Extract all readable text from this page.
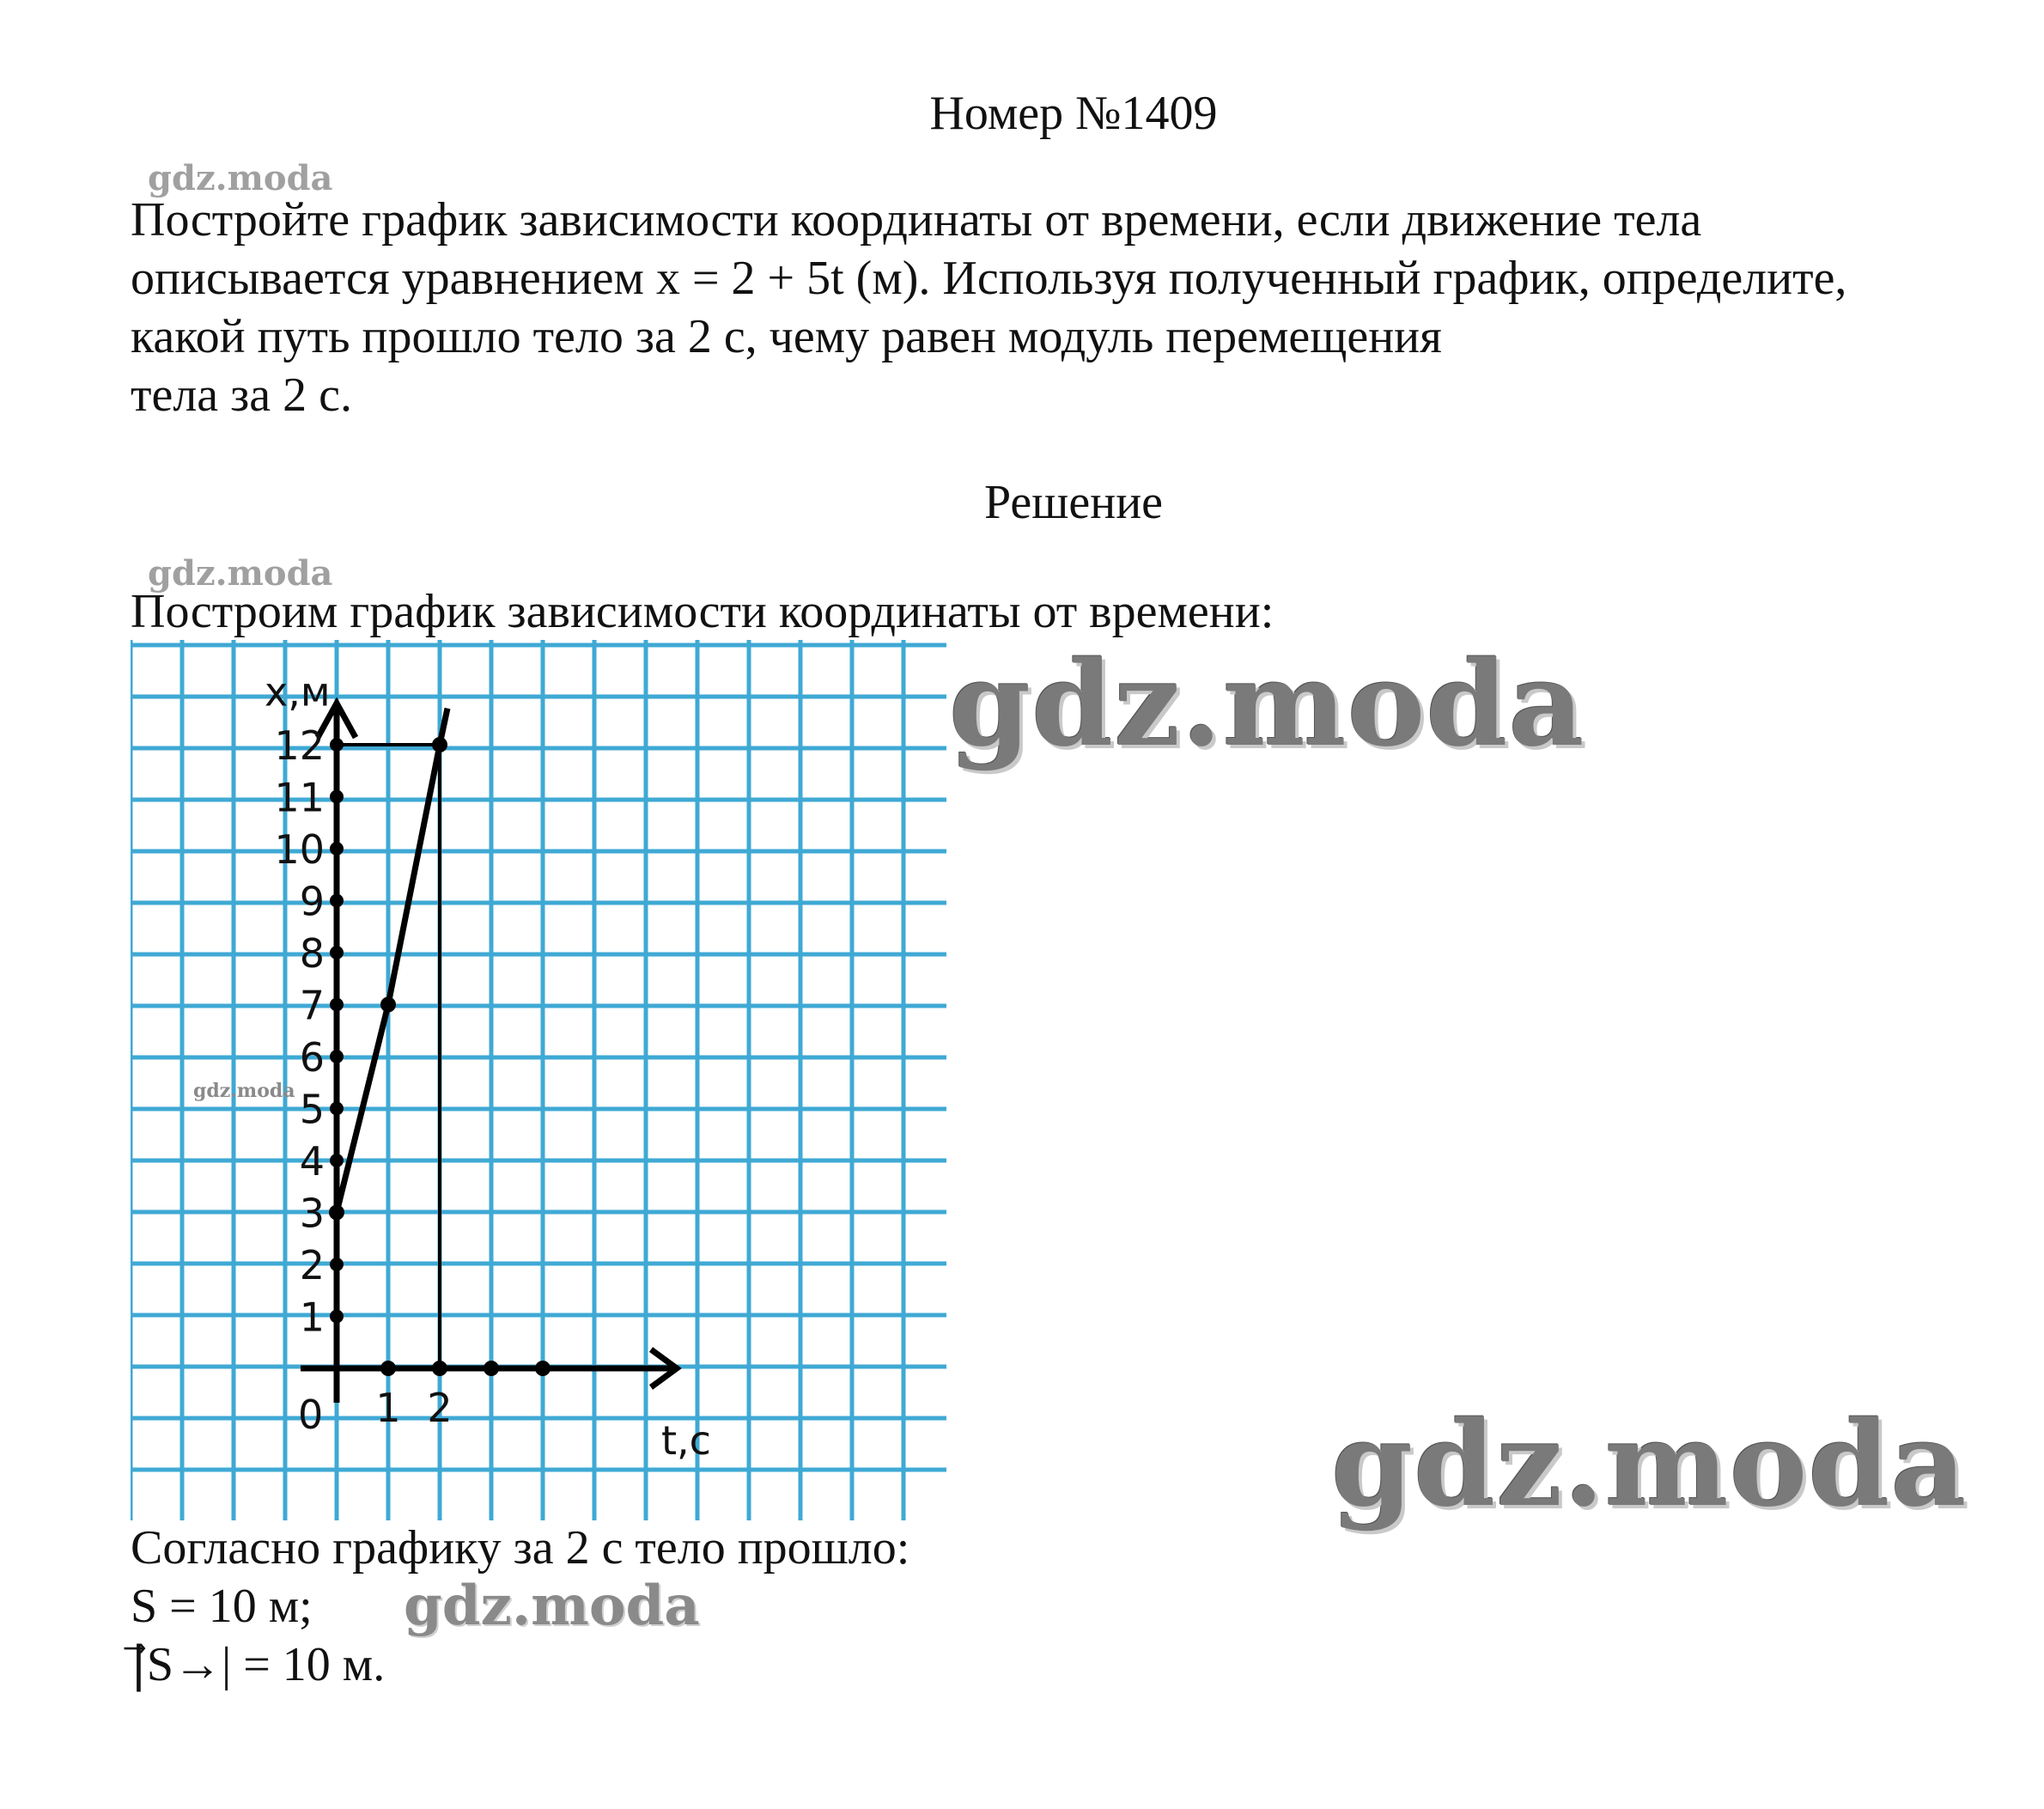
Номер №1409
gdz.moda

Постройте график зависимости координаты от времени, если движение тела

описывается уравнением х = 2 + 5t (м). Используя полученный график, определите,

какой путь прошло тело за 2 с, чему равен модуль перемещения

тела за 2 с.

Решение
gdz.moda
Построим график зависимости координаты от времени:
x,м
t,c
0
1
2
3
4
5
6
7
8
9
10
11
12
1 2
gdz.moda
gdz.moda
gdz.moda

Согласно графику за 2 с тело прошло:

S = 10 м;

|⃗S→| = 10 м.

gdz.moda
